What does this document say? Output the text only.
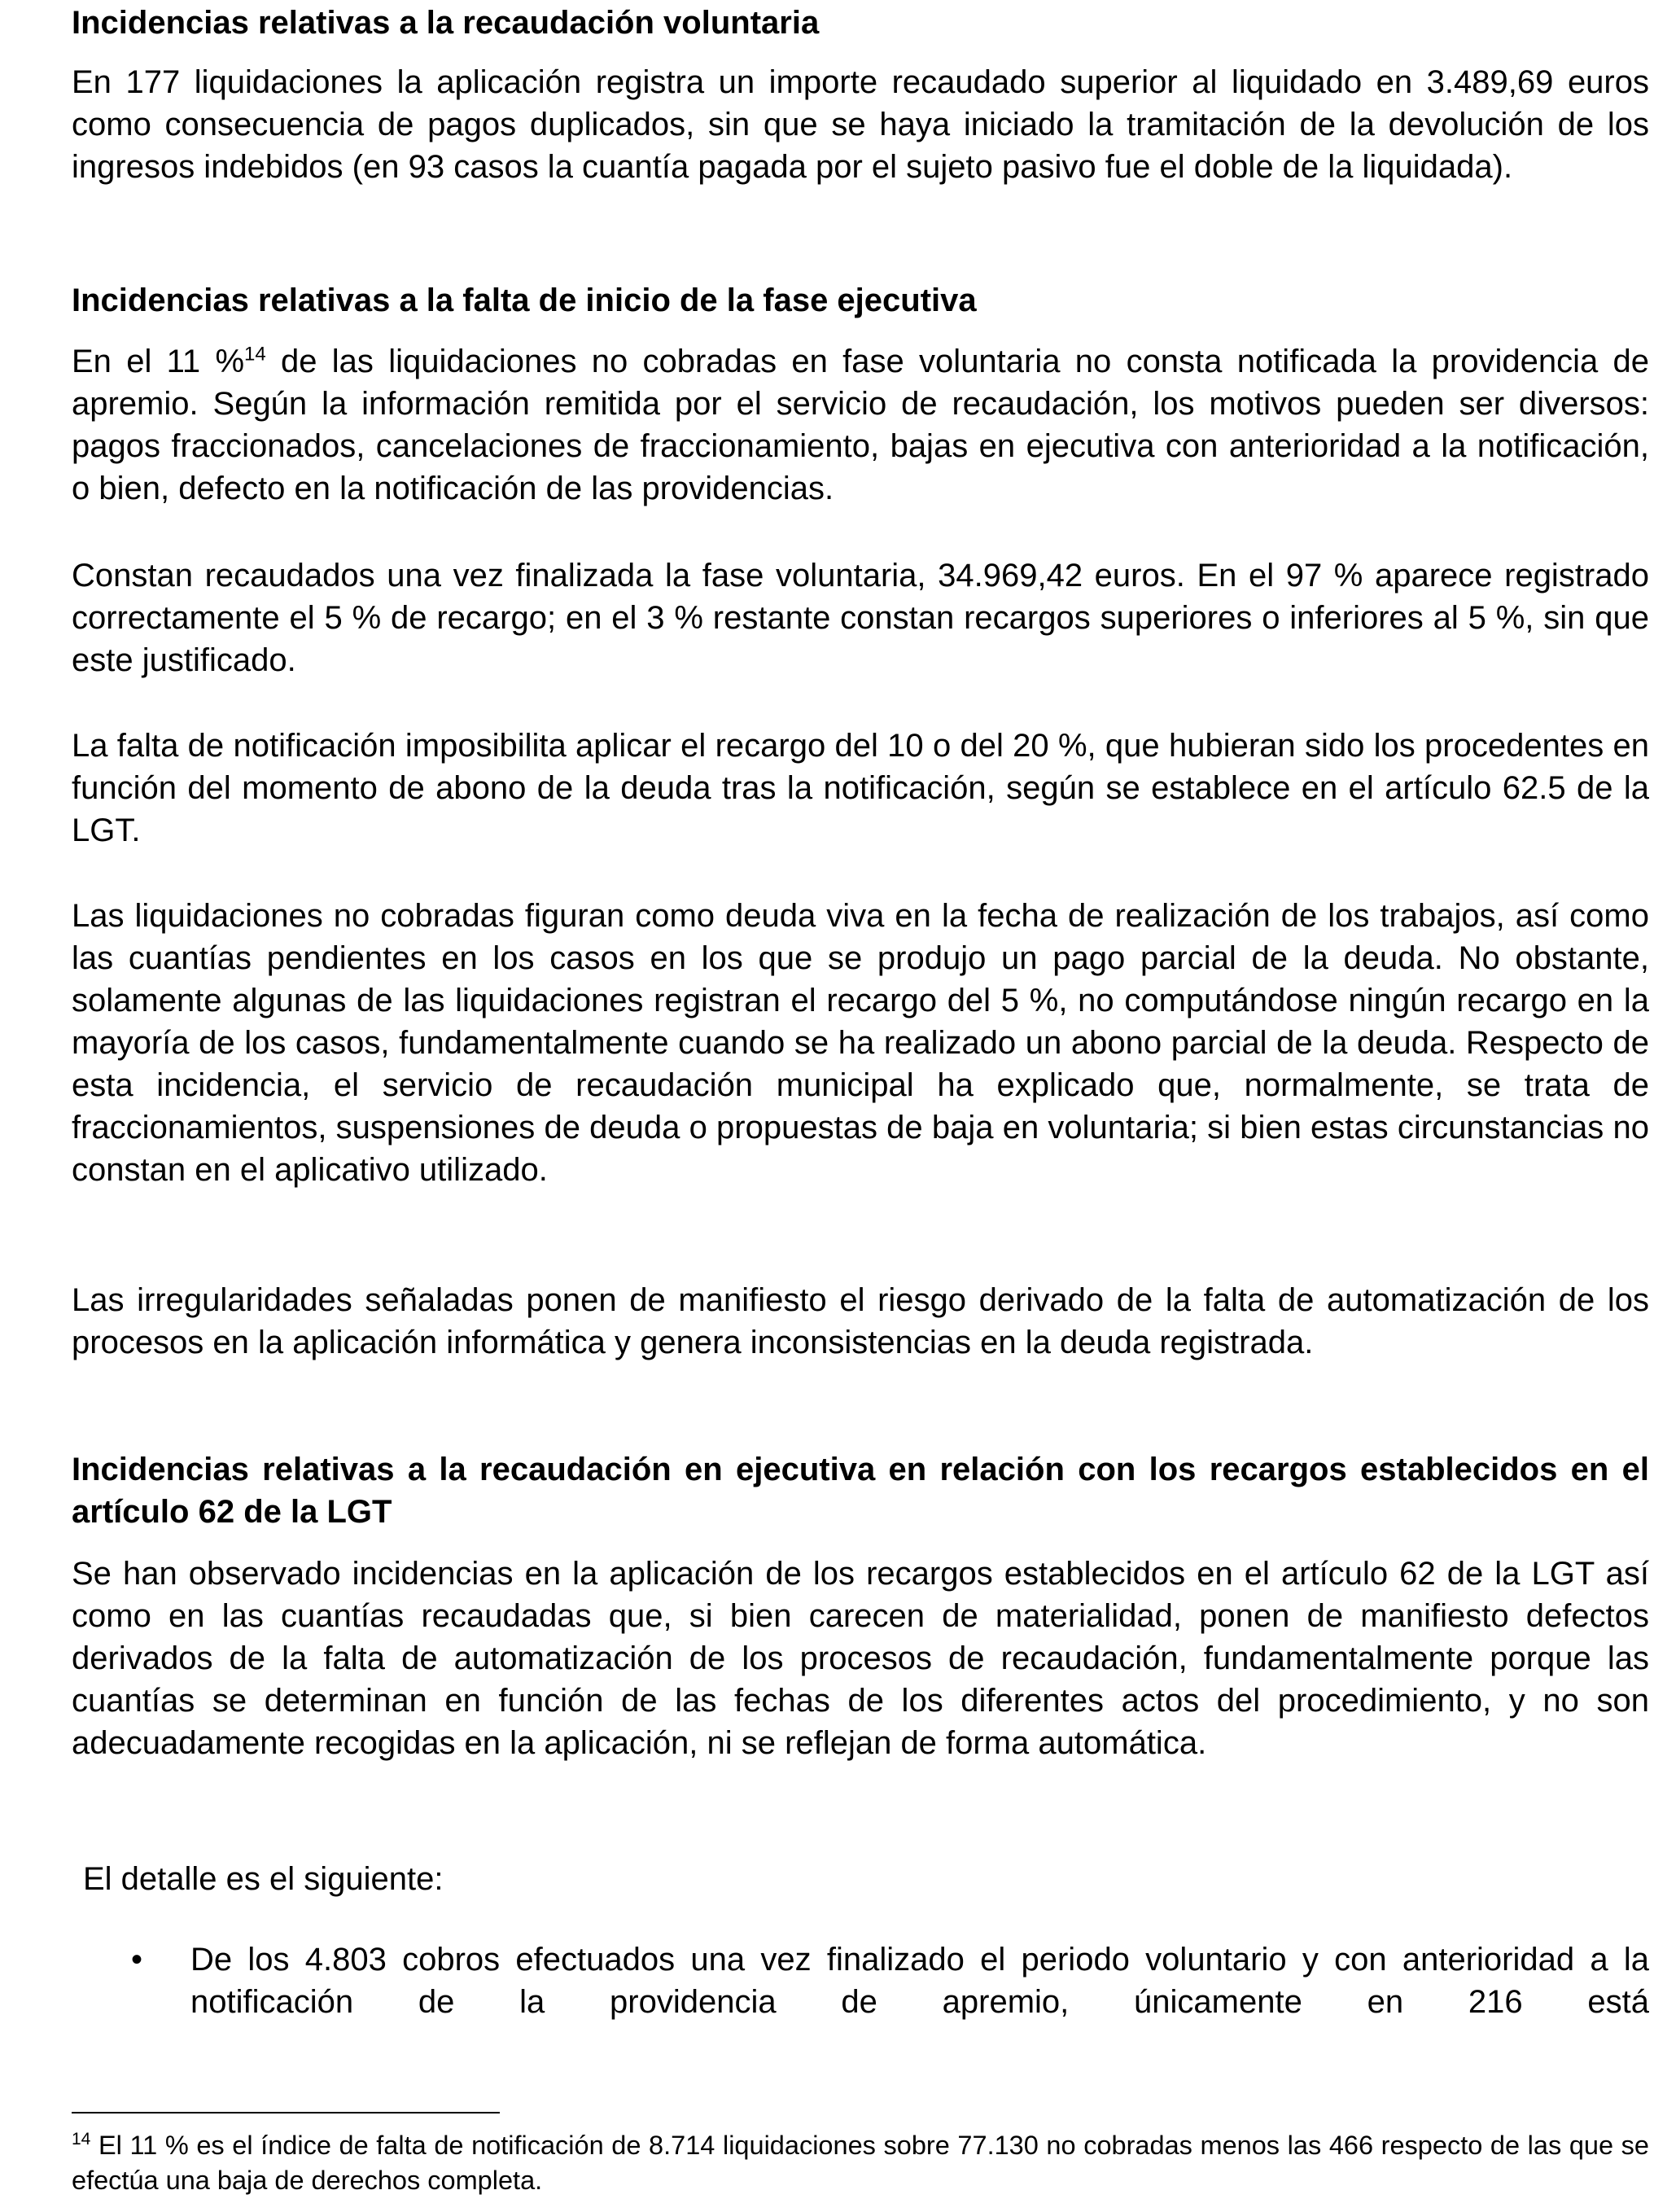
Incidencias relativas a la recaudación voluntaria

En 177 liquidaciones la aplicación registra un importe recaudado superior al liquidado en 3.489,69 euros como consecuencia de pagos duplicados, sin que se haya iniciado la tramitación de la devolución de los ingresos indebidos (en 93 casos la cuantía pagada por el sujeto pasivo fue el doble de la liquidada).

Incidencias relativas a la falta de inicio de la fase ejecutiva

En el 11 %$^{14}$ de las liquidaciones no cobradas en fase voluntaria no consta notificada la providencia de apremio. Según la información remitida por el servicio de recaudación, los motivos pueden ser diversos: pagos fraccionados, cancelaciones de fraccionamiento, bajas en ejecutiva con anterioridad a la notificación, o bien, defecto en la notificación de las providencias.

Constan recaudados una vez finalizada la fase voluntaria, 34.969,42 euros. En el 97 % aparece registrado correctamente el 5 % de recargo; en el 3 % restante constan recargos superiores o inferiores al 5 %, sin que este justificado.

La falta de notificación imposibilita aplicar el recargo del 10 o del 20 %, que hubieran sido los procedentes en función del momento de abono de la deuda tras la notificación, según se establece en el artículo 62.5 de la LGT.

Las liquidaciones no cobradas figuran como deuda viva en la fecha de realización de los trabajos, así como las cuantías pendientes en los casos en los que se produjo un pago parcial de la deuda. No obstante, solamente algunas de las liquidaciones registran el recargo del 5 %, no computándose ningún recargo en la mayoría de los casos, fundamentalmente cuando se ha realizado un abono parcial de la deuda. Respecto de esta incidencia, el servicio de recaudación municipal ha explicado que, normalmente, se trata de fraccionamientos, suspensiones de deuda o propuestas de baja en voluntaria; si bien estas circunstancias no constan en el aplicativo utilizado.

Las irregularidades señaladas ponen de manifiesto el riesgo derivado de la falta de automatización de los procesos en la aplicación informática y genera inconsistencias en la deuda registrada.

Incidencias relativas a la recaudación en ejecutiva en relación con los recargos establecidos en el artículo 62 de la LGT

Se han observado incidencias en la aplicación de los recargos establecidos en el artículo 62 de la LGT así como en las cuantías recaudadas que, si bien carecen de materialidad, ponen de manifiesto defectos derivados de la falta de automatización de los procesos de recaudación, fundamentalmente porque las cuantías se determinan en función de las fechas de los diferentes actos del procedimiento, y no son adecuadamente recogidas en la aplicación, ni se reflejan de forma automática.

El detalle es el siguiente:

• De los 4.803 cobros efectuados una vez finalizado el periodo voluntario y con anterioridad a la notificación de la providencia de apremio, únicamente en 216 está

$^{14}$ El 11 % es el índice de falta de notificación de 8.714 liquidaciones sobre 77.130 no cobradas menos las 466 respecto de las que se efectúa una baja de derechos completa.
